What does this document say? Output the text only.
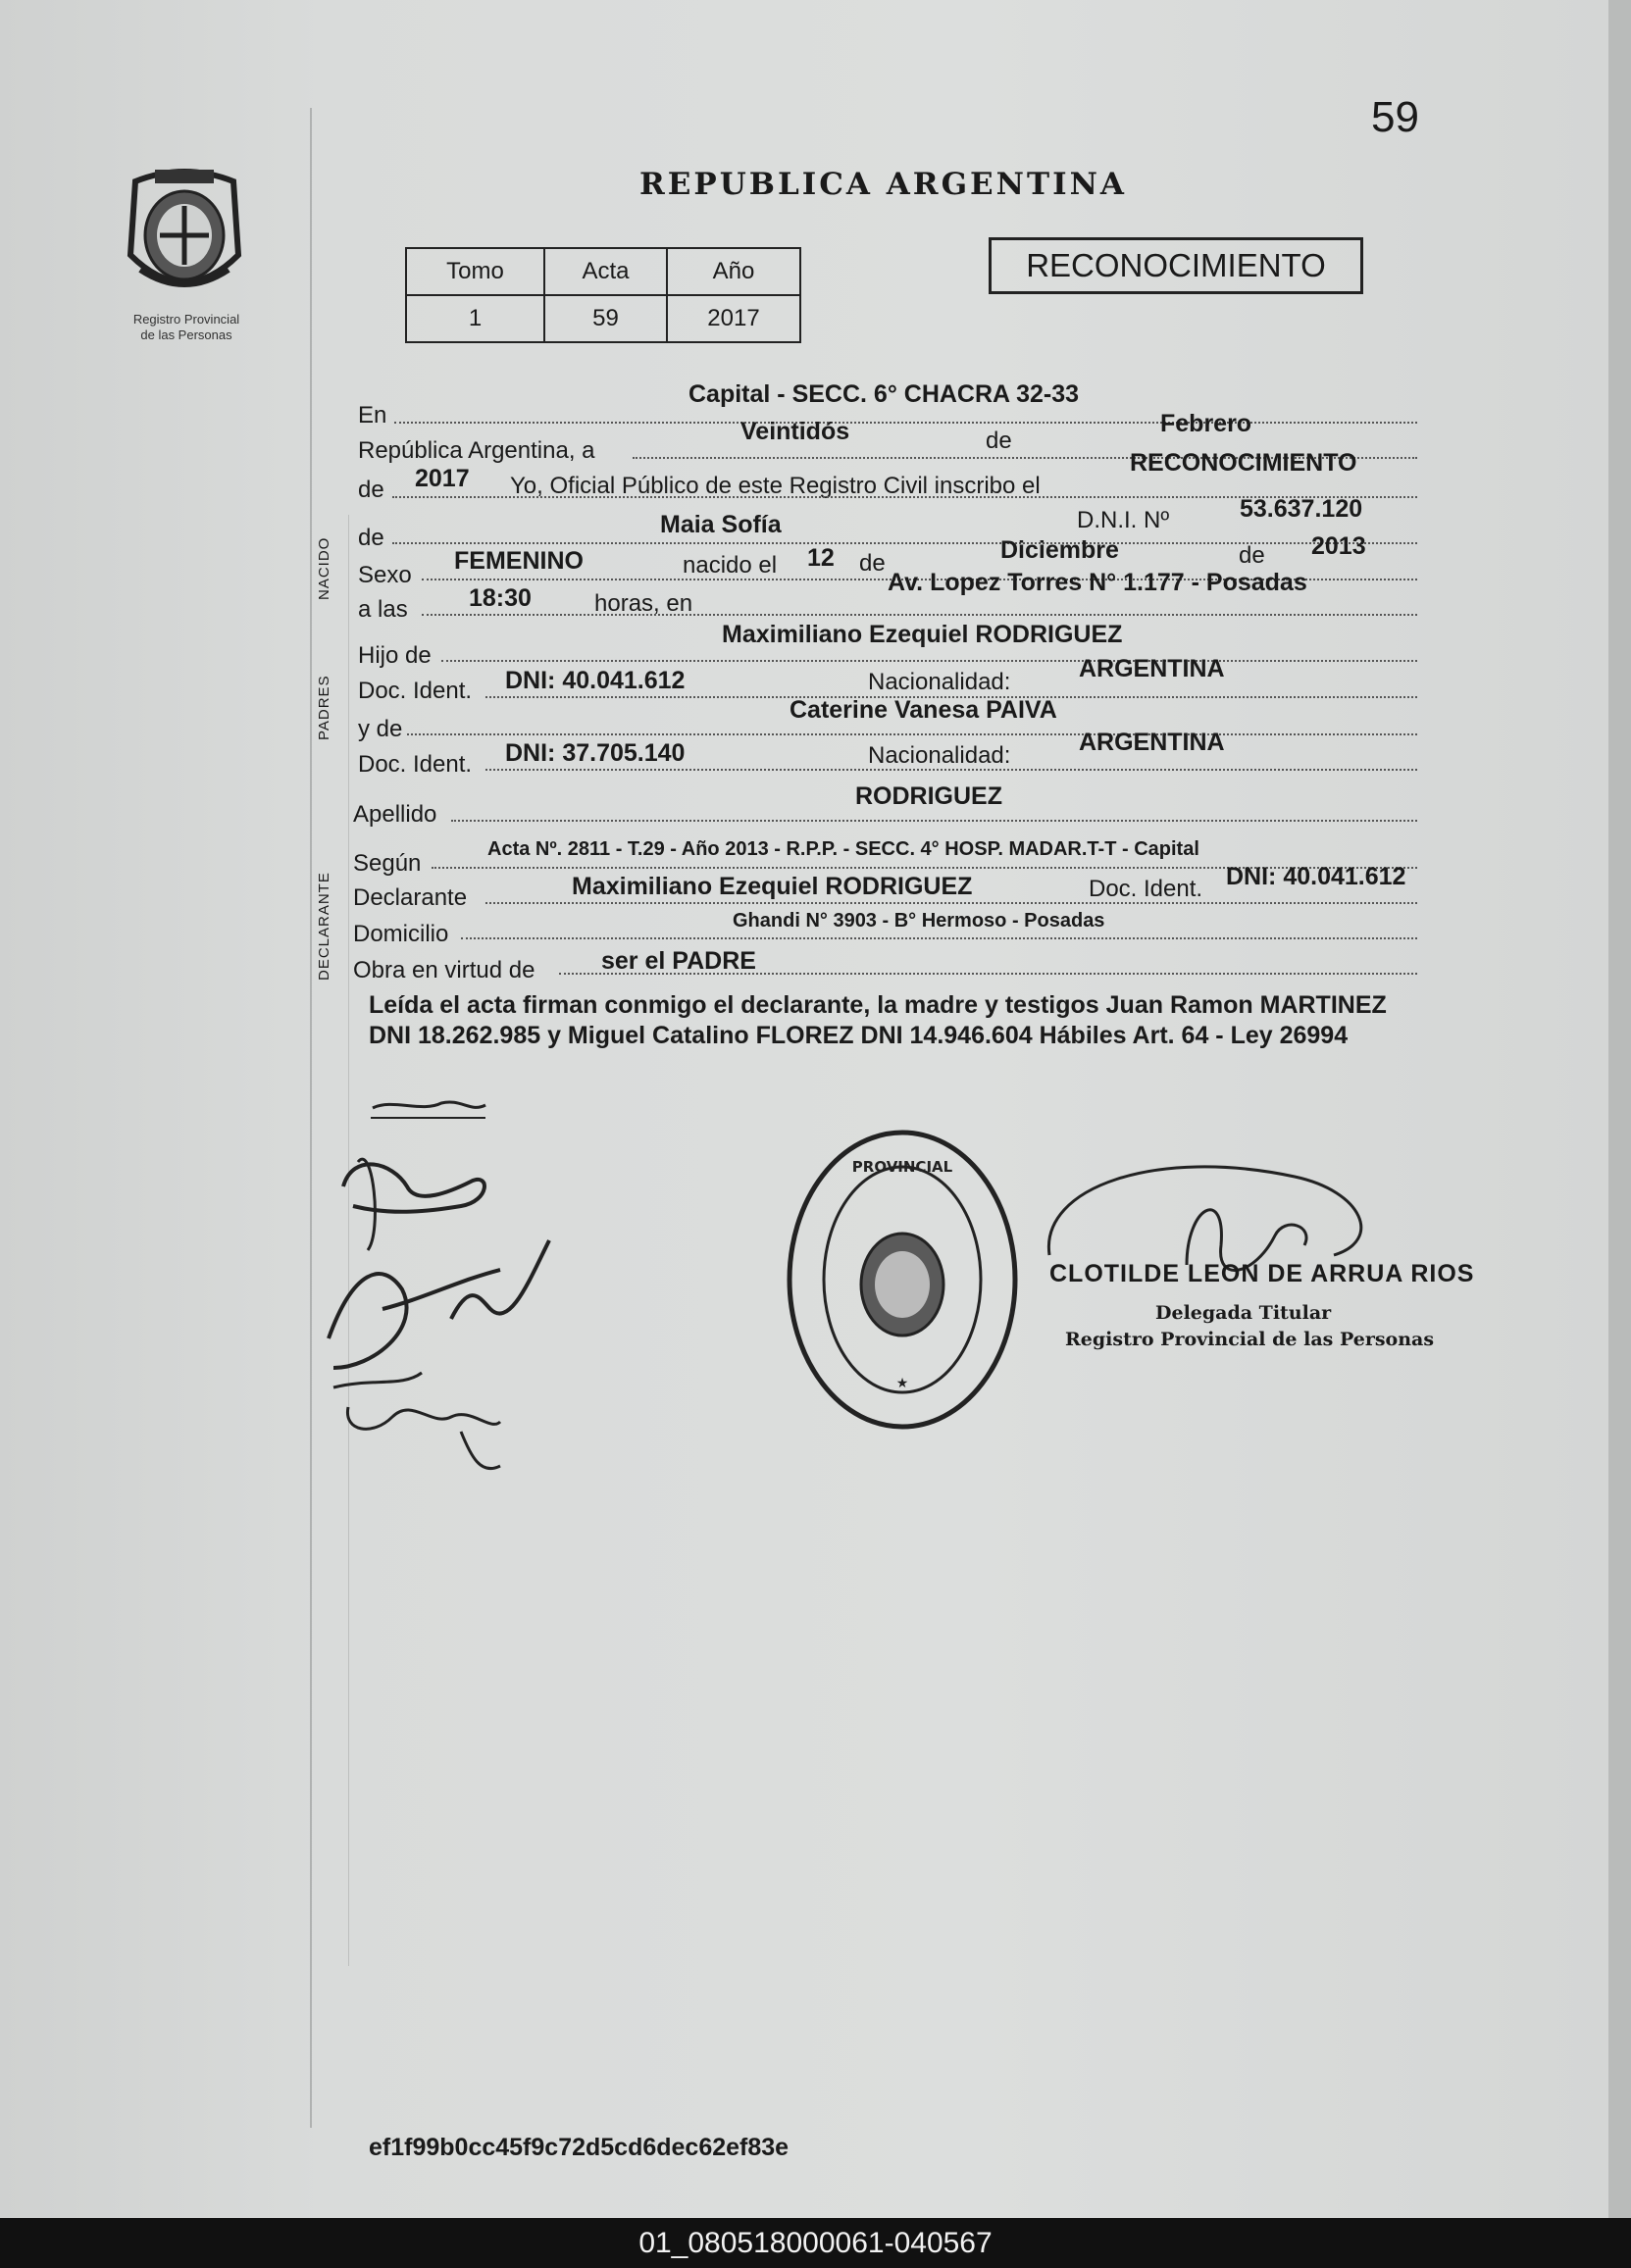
Registro Provincial
de las Personas
59
REPUBLICA ARGENTINA
Tomo	Acta	Año
1	59	2017
RECONOCIMIENTO
NACIDO
PADRES
DECLARANTE
En
Capital - SECC. 6° CHACRA 32-33
República Argentina, a
Veintidós	de
Febrero
de 2017 Yo, Oficial Público de este Registro Civil inscribo el
RECONOCIMIENTO
de	Maia Sofía	D.N.I. Nº	53.637.120
Sexo
FEMENINO	nacido el 12 de	Diciembre	de 2013
a las 18:30	horas, en
Av. Lopez Torres N° 1.177 - Posadas
Hijo de
Maximiliano Ezequiel RODRIGUEZ
Doc. Ident. DNI: 40.041.612	Nacionalidad:	ARGENTINA
y de
Caterine Vanesa PAIVA
Doc. Ident. DNI: 37.705.140	Nacionalidad:	ARGENTINA
Apellido
RODRIGUEZ
Según
Acta Nº. 2811 - T.29 - Año 2013 - R.P.P. - SECC. 4° HOSP. MADAR.T-T - Capital
Declarante	Maximiliano Ezequiel RODRIGUEZ	Doc. Ident. DNI: 40.041.612
Domicilio	Ghandi N° 3903 - B° Hermoso - Posadas
Obra en virtud de	ser el PADRE
Leída el acta firman conmigo el declarante, la madre y testigos Juan Ramon MARTINEZ DNI 18.262.985 y Miguel Catalino FLOREZ DNI 14.946.604 Hábiles Art. 64 - Ley 26994
PROVINCIAL
★
CLOTILDE LEON DE ARRUA RIOS
Delegada Titular
Registro Provincial de las Personas
ef1f99b0cc45f9c72d5cd6dec62ef83e
01_080518000061-040567
